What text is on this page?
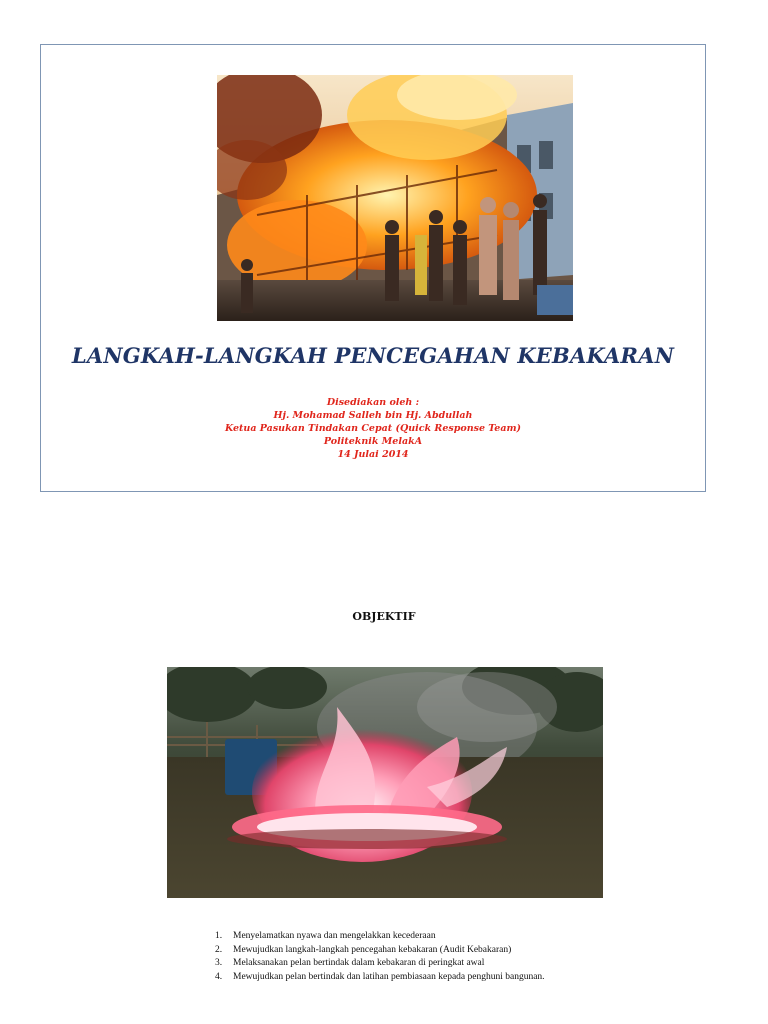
LANGKAH-LANGKAH PENCEGAHAN KEBAKARAN
Disediakan oleh :
Hj. Mohamad Salleh bin Hj. Abdullah
Ketua Pasukan Tindakan Cepat (Quick Response Team)
Politeknik MelakA
14 Julai 2014
OBJEKTIF
1.	Menyelamatkan nyawa dan mengelakkan kecederaan
2.	Mewujudkan langkah-langkah pencegahan kebakaran (Audit Kebakaran)
3.	Melaksanakan pelan bertindak dalam kebakaran di peringkat awal
4.	Mewujudkan pelan bertindak dan latihan pembiasaan kepada penghuni bangunan.
